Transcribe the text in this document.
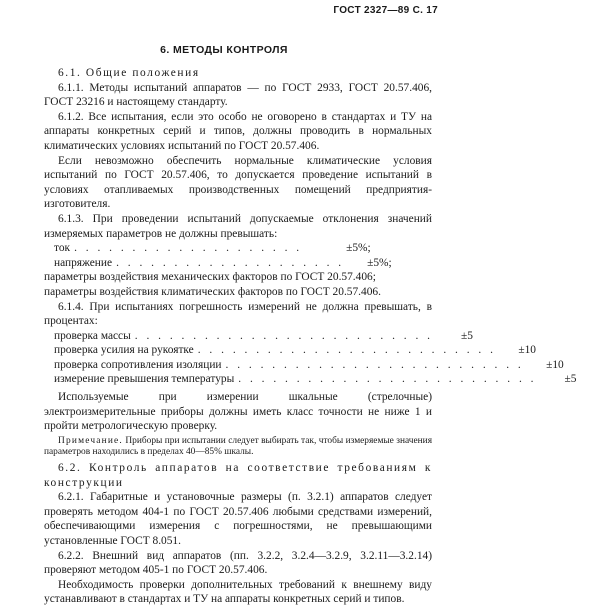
ГОСТ 2327—89 С. 17
6. МЕТОДЫ КОНТРОЛЯ

6.1. Общие положения

6.1.1. Методы испытаний аппаратов — по ГОСТ 2933, ГОСТ 20.57.406, ГОСТ 23216 и настоящему стандарту.

6.1.2. Все испытания, если это особо не оговорено в стандартах и ТУ на аппараты конкретных серий и типов, должны проводить в нормальных климатических условиях испытаний по ГОСТ 20.57.406.

Если невозможно обеспечить нормальные климатические условия испытаний по ГОСТ 20.57.406, то допускается проведение испытаний в условиях отапливаемых производственных помещений предприятия-изготовителя.

6.1.3. При проведении испытаний допускаемые отклонения значений измеряемых параметров не должны превышать:

ток . . . . . . . . . . . . . . . . . . . .	±5%;
напряжение . . . . . . . . . . . . . . . . . . . .	±5%;

параметры воздействия механических факторов по ГОСТ 20.57.406;

параметры воздействия климатических факторов по ГОСТ 20.57.406.

6.1.4. При испытаниях погрешность измерений не должна превышать, в процентах:

проверка массы . . . . . . . . . . . . . . . . . . . . . . . . . .	±5
проверка усилия на рукоятке . . . . . . . . . . . . . . . . . . . . . . . . . .	±10
проверка сопротивления изоляции . . . . . . . . . . . . . . . . . . . . . . . . . .	±10
измерение превышения температуры . . . . . . . . . . . . . . . . . . . . . . . . . .	±5

Используемые при измерении шкальные (стрелочные) электроизмерительные приборы должны иметь класс точности не ниже 1 и пройти метрологическую проверку.

Примечание. Приборы при испытании следует выбирать так, чтобы измеряемые значения параметров находились в пределах 40—85% шкалы.

6.2. Контроль аппаратов на соответствие требованиям к конструкции

6.2.1. Габаритные и установочные размеры (п. 3.2.1) аппаратов следует проверять методом 404-1 по ГОСТ 20.57.406 любыми средствами измерений, обеспечивающими измерения с погрешностями, не превышающими установленные ГОСТ 8.051.

6.2.2. Внешний вид аппаратов (пп. 3.2.2, 3.2.4—3.2.9, 3.2.11—3.2.14) проверяют методом 405-1 по ГОСТ 20.57.406.

Необходимость проверки дополнительных требований к внешнему виду устанавливают в стандартах и ТУ на аппараты конкретных серий и типов.
